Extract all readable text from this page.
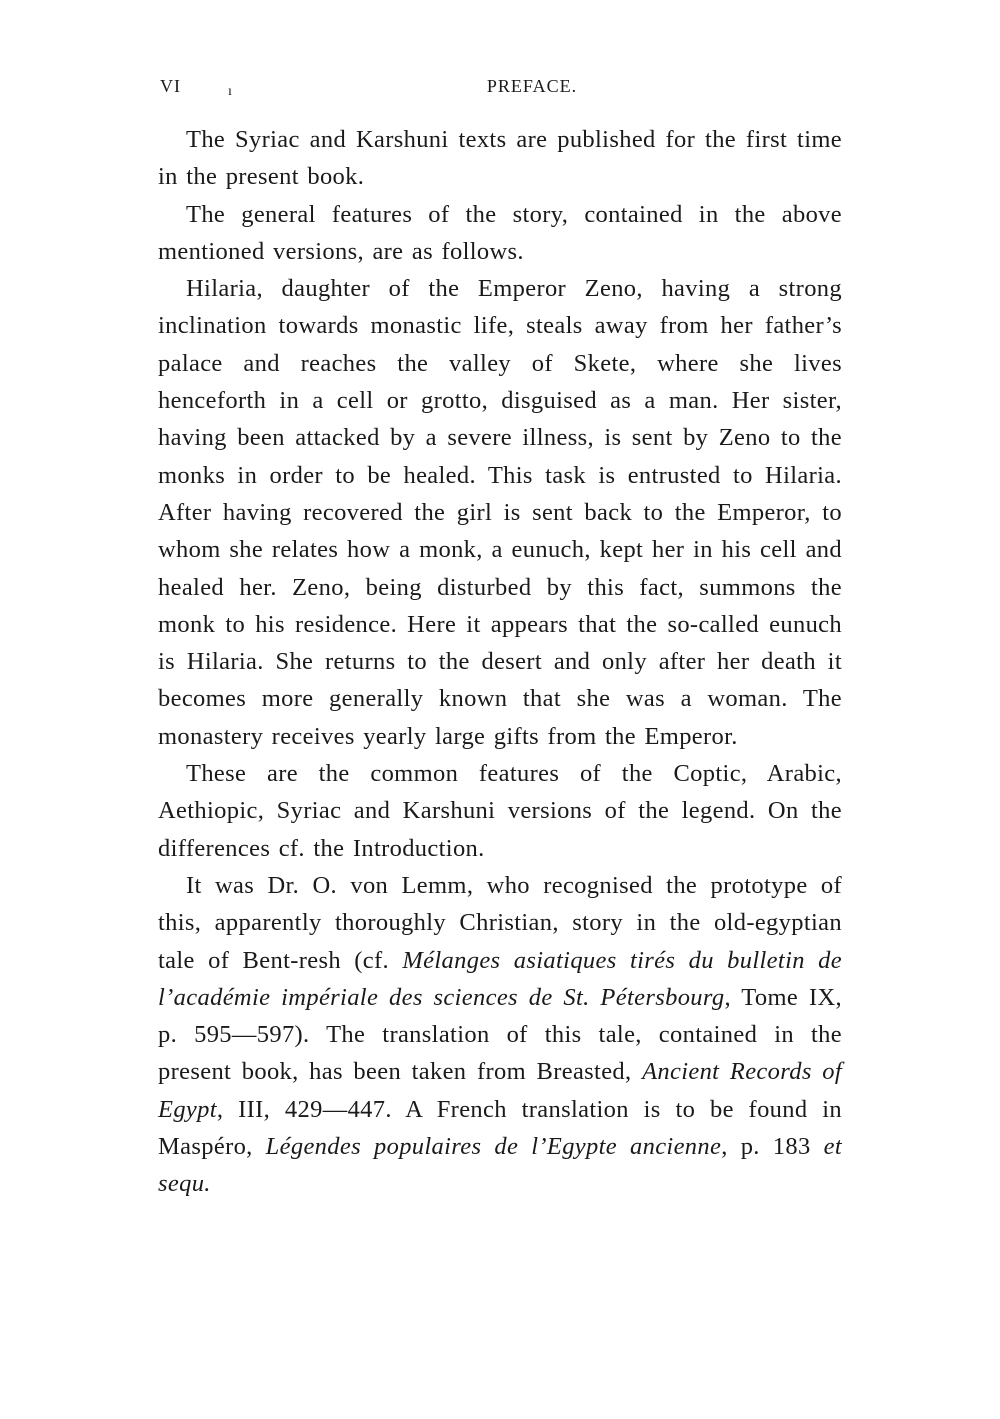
VI	ı	PREFACE.

The Syriac and Karshuni texts are published for the first time in the present book.

The general features of the story, contained in the above mentioned versions, are as follows.

Hilaria, daughter of the Emperor Zeno, having a strong inclination towards monastic life, steals away from her father’s palace and reaches the valley of Skete, where she lives henceforth in a cell or grotto, disguised as a man. Her sister, having been attacked by a severe illness, is sent by Zeno to the monks in order to be healed. This task is entrusted to Hilaria. After having recovered the girl is sent back to the Emperor, to whom she relates how a monk, a eunuch, kept her in his cell and healed her. Zeno, being disturbed by this fact, summons the monk to his residence. Here it appears that the so-called eunuch is Hilaria. She returns to the desert and only after her death it becomes more generally known that she was a woman. The monastery receives yearly large gifts from the Emperor.

These are the common features of the Coptic, Arabic, Aethiopic, Syriac and Karshuni versions of the legend. On the differences cf. the Introduction.

It was Dr. O. von Lemm, who recognised the prototype of this, apparently thoroughly Christian, story in the old-egyptian tale of Bent-resh (cf. Mélanges asiatiques tirés du bulletin de l’académie impériale des sciences de St. Pétersbourg, Tome IX, p. 595—597). The translation of this tale, contained in the present book, has been taken from Breasted, Ancient Records of Egypt, III, 429—447. A French translation is to be found in Maspéro, Légendes populaires de l’Egypte ancienne, p. 183 et sequ.
